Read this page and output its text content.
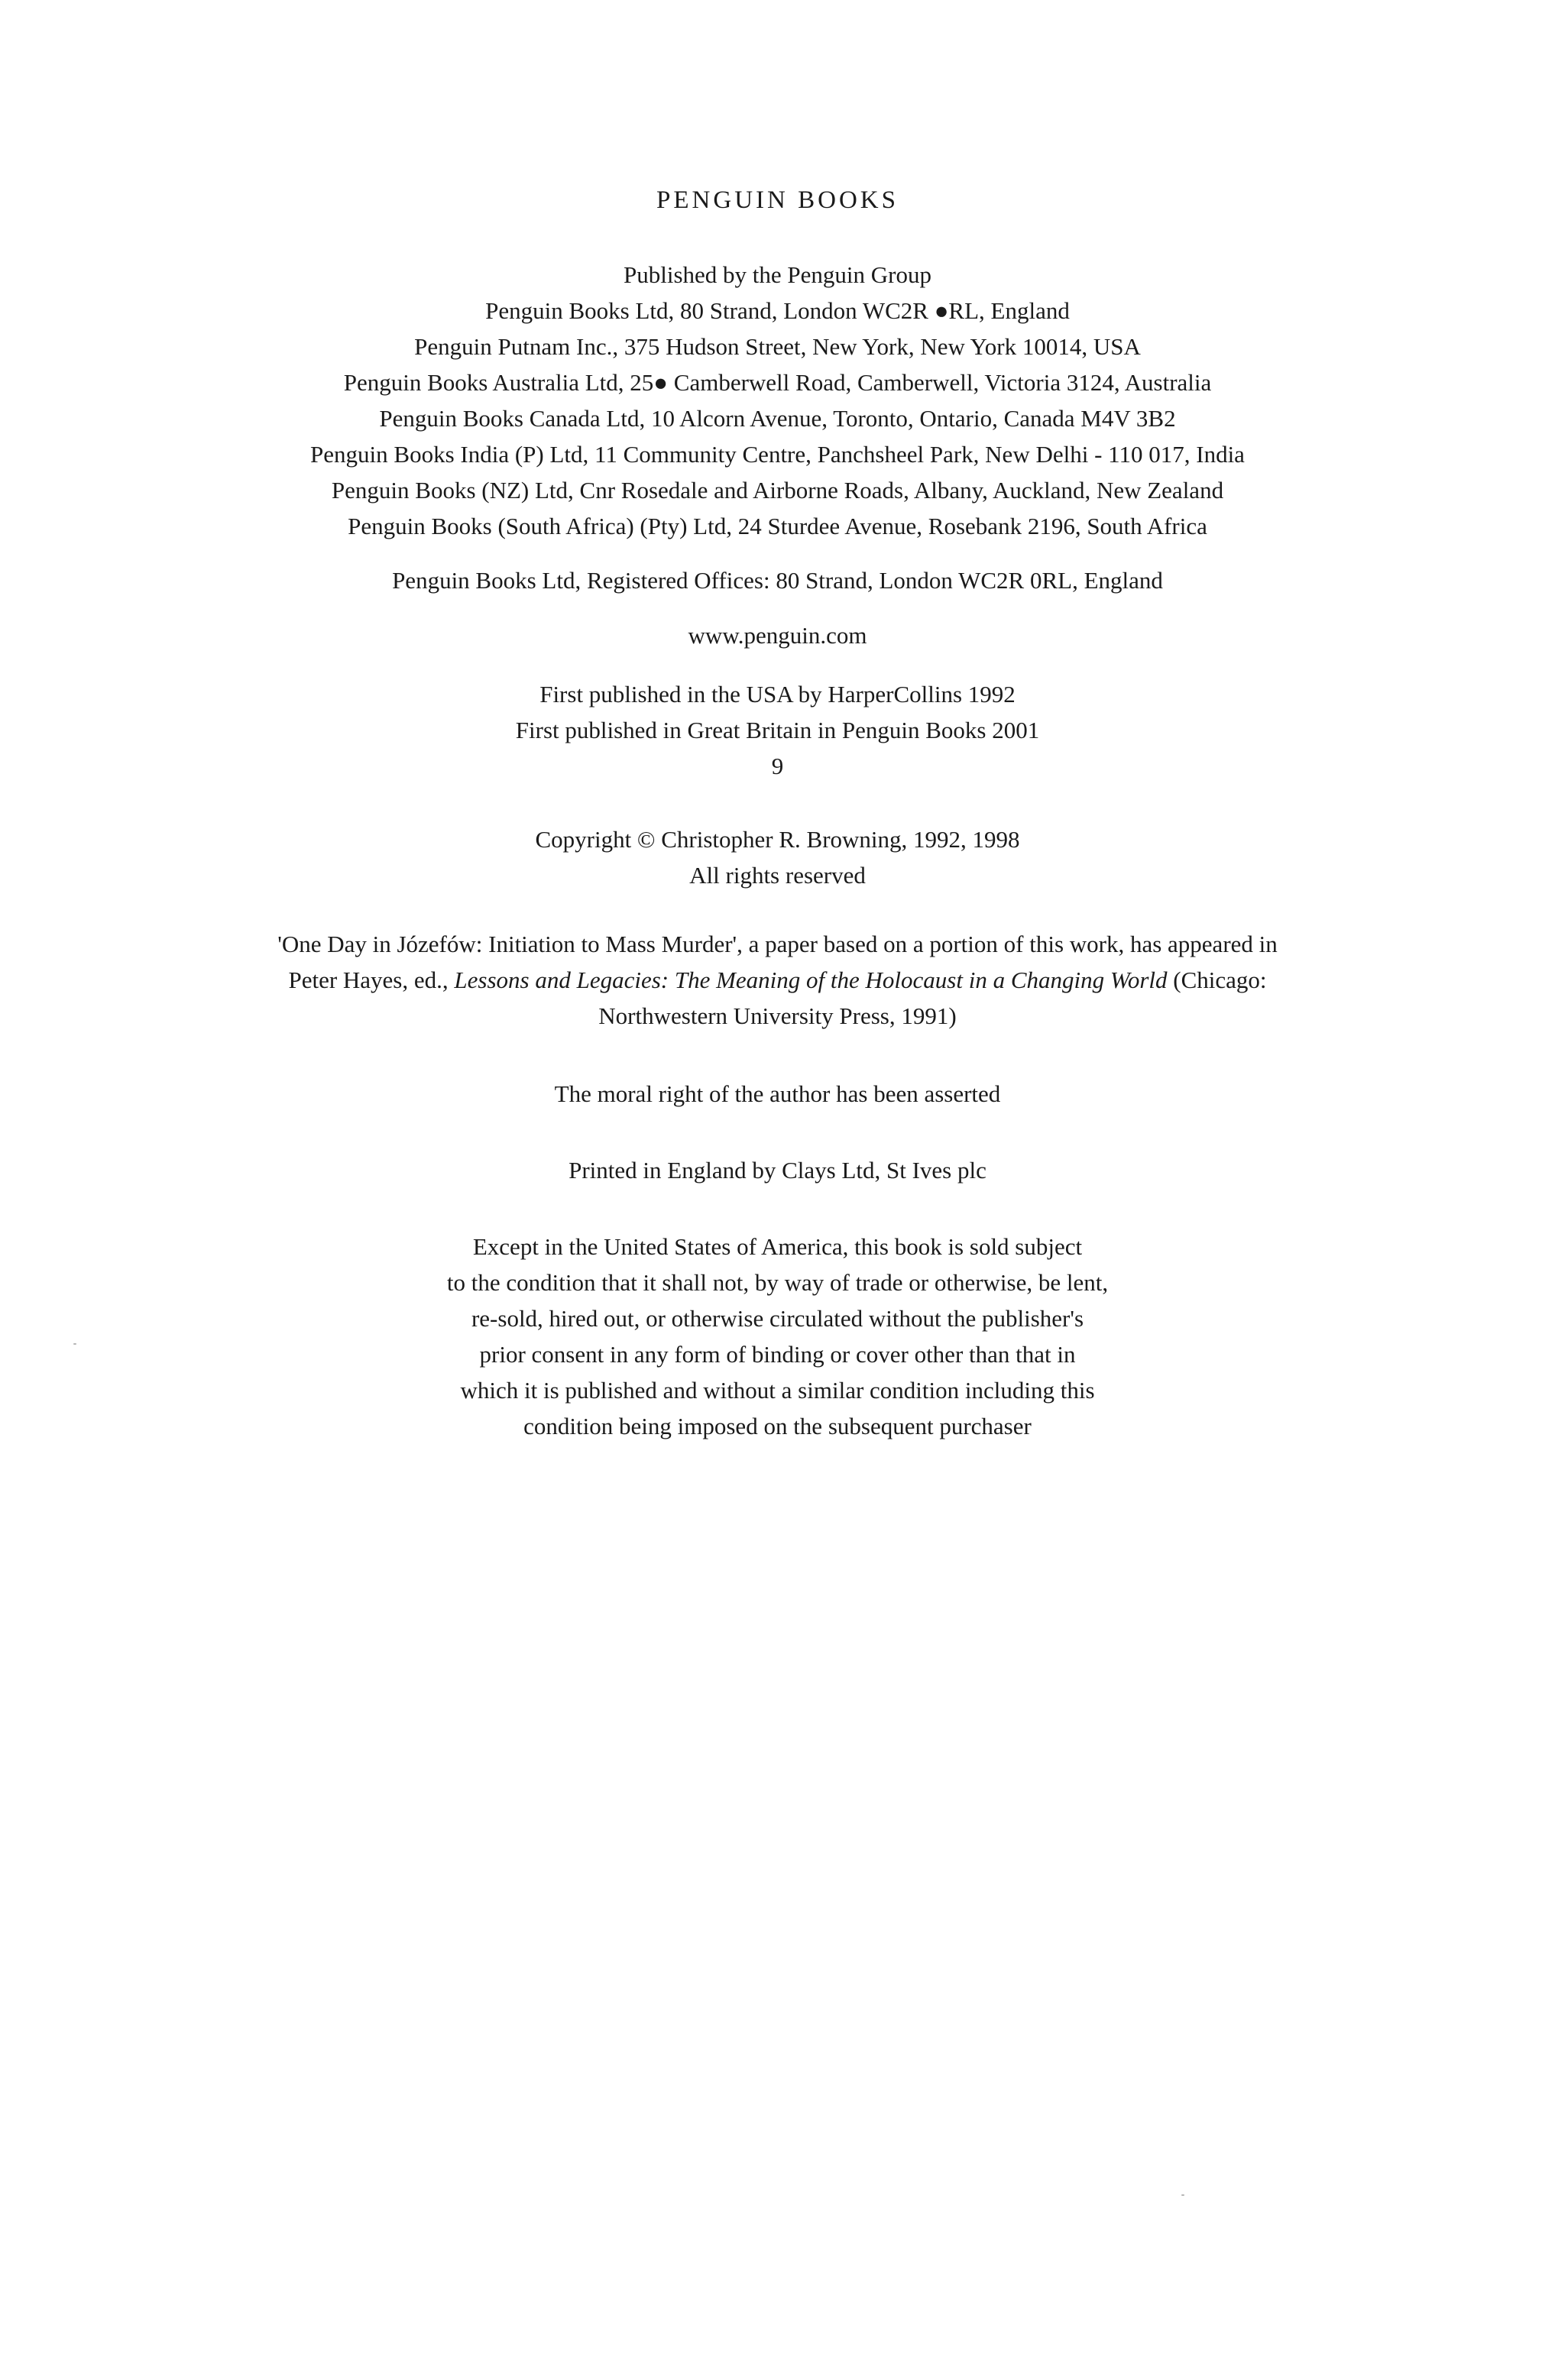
PENGUIN BOOKS
Published by the Penguin Group
Penguin Books Ltd, 80 Strand, London WC2R ●RL, England
Penguin Putnam Inc., 375 Hudson Street, New York, New York 10014, USA
Penguin Books Australia Ltd, 25● Camberwell Road, Camberwell, Victoria 3124, Australia
Penguin Books Canada Ltd, 10 Alcorn Avenue, Toronto, Ontario, Canada M4V 3B2
Penguin Books India (P) Ltd, 11 Community Centre, Panchsheel Park, New Delhi - 110 017, India
Penguin Books (NZ) Ltd, Cnr Rosedale and Airborne Roads, Albany, Auckland, New Zealand
Penguin Books (South Africa) (Pty) Ltd, 24 Sturdee Avenue, Rosebank 2196, South Africa
Penguin Books Ltd, Registered Offices: 80 Strand, London WC2R 0RL, England
www.penguin.com
First published in the USA by HarperCollins 1992
First published in Great Britain in Penguin Books 2001
9
Copyright © Christopher R. Browning, 1992, 1998
All rights reserved
'One Day in Józefów: Initiation to Mass Murder', a paper based on a portion of this work, has appeared in
Peter Hayes, ed., Lessons and Legacies: The Meaning of the Holocaust in a Changing World (Chicago:
Northwestern University Press, 1991)
The moral right of the author has been asserted
Printed in England by Clays Ltd, St Ives plc
Except in the United States of America, this book is sold subject
to the condition that it shall not, by way of trade or otherwise, be lent,
re-sold, hired out, or otherwise circulated without the publisher's
prior consent in any form of binding or cover other than that in
which it is published and without a similar condition including this
condition being imposed on the subsequent purchaser
